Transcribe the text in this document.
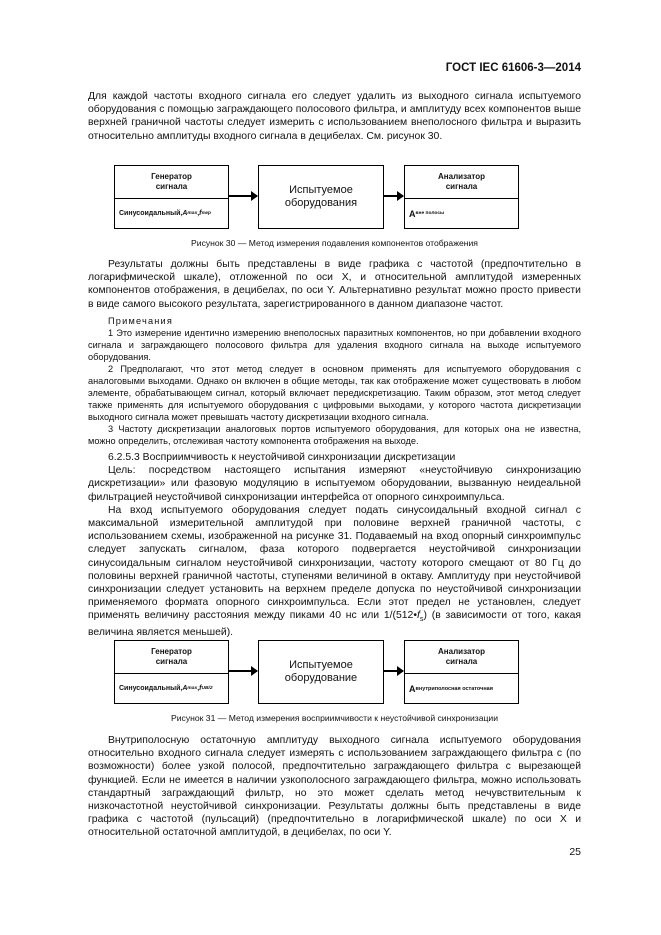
ГОСТ IEC 61606-3—2014

Для каждой частоты входного сигнала его следует удалить из выходного сигнала испытуемого оборудования с помощью заграждающего полосового фильтра, и амплитуду всех компонентов выше верхней граничной частоты следует измерить с использованием внеполосного фильтра и выразить относительно амплитуды входного сигнала в децибелах. См. рисунок 30.

Генератор
сигнала
Синусоидальный, A max , f swp
Испытуемое
оборудования
Анализатор
сигнала
A вне полосы
Рисунок 30 — Метод измерения подавления компонентов отображения

Результаты должны быть представлены в виде графика с частотой (предпочтительно в логарифмической шкале), отложенной по оси X, и относительной амплитудой измеренных компонентов отображения, в децибелах, по оси Y. Альтернативно результат можно просто привести в виде самого высокого результата, зарегистрированного в данном диапазоне частот.

Примечания

1 Это измерение идентично измерению внеполосных паразитных компонентов, но при добавлении входного сигнала и заграждающего полосового фильтра для удаления входного сигнала на выходе испытуемого оборудования.

2 Предполагают, что этот метод следует в основном применять для испытуемого оборудования с аналоговыми выходами. Однако он включен в общие методы, так как отображение может существовать в любом элементе, обрабатывающем сигнал, который включает передискретизацию. Таким образом, этот метод следует также применять для испытуемого оборудования с цифровыми выходами, у которого частота дискретизации выходного сигнала может превышать частоту дискретизации входного сигнала.

3 Частоту дискретизации аналоговых портов испытуемого оборудования, для которых она не известна, можно определить, отслеживая частоту компонента отображения на выходе.

6.2.5.3 Восприимчивость к неустойчивой синхронизации дискретизации

Цель: посредством настоящего испытания измеряют «неустойчивую синхронизацию дискретизации» или фазовую модуляцию в испытуемом оборудовании, вызванную неидеальной фильтрацией неустойчивой синхронизации интерфейса от опорного синхроимпульса.

На вход испытуемого оборудования следует подать синусоидальный входной сигнал с максимальной измерительной амплитудой при половине верхней граничной частоты, с использованием схемы, изображенной на рисунке 31. Подаваемый на вход опорный синхроимпульс следует запускать сигналом, фаза которого подвергается неустойчивой синхронизации синусоидальным сигналом неустойчивой синхронизации, частоту которого смещают от 80 Гц до половины верхней граничной частоты, ступенями величиной в октаву. Амплитуду при неустойчивой синхронизации следует установить на верхнем пределе допуска по неустойчивой синхронизации применяемого формата опорного синхроимпульса. Если этот предел не установлен, следует применять величину расстояния между пиками 40 нс или $1/(512•f_s)$ (в зависимости от того, какая величина является меньшей).

Генератор
сигнала
Синусоидальный, A max , f UB/2
Испытуемое
оборудование
Анализатор
сигнала
A внутриполосная остаточная
Рисунок 31 — Метод измерения восприимчивости к неустойчивой синхронизации

Внутриполосную остаточную амплитуду выходного сигнала испытуемого оборудования относительно входного сигнала следует измерять с использованием заграждающего фильтра с (по возможности) более узкой полосой, предпочтительно заграждающего фильтра с вырезающей функцией. Если не имеется в наличии узкополосного заграждающего фильтра, можно использовать стандартный заграждающий фильтр, но это может сделать метод нечувствительным к низкочастотной неустойчивой синхронизации. Результаты должны быть представлены в виде графика с частотой (пульсаций) (предпочтительно в логарифмической шкале) по оси X и относительной остаточной амплитудой, в децибелах, по оси Y.

25
